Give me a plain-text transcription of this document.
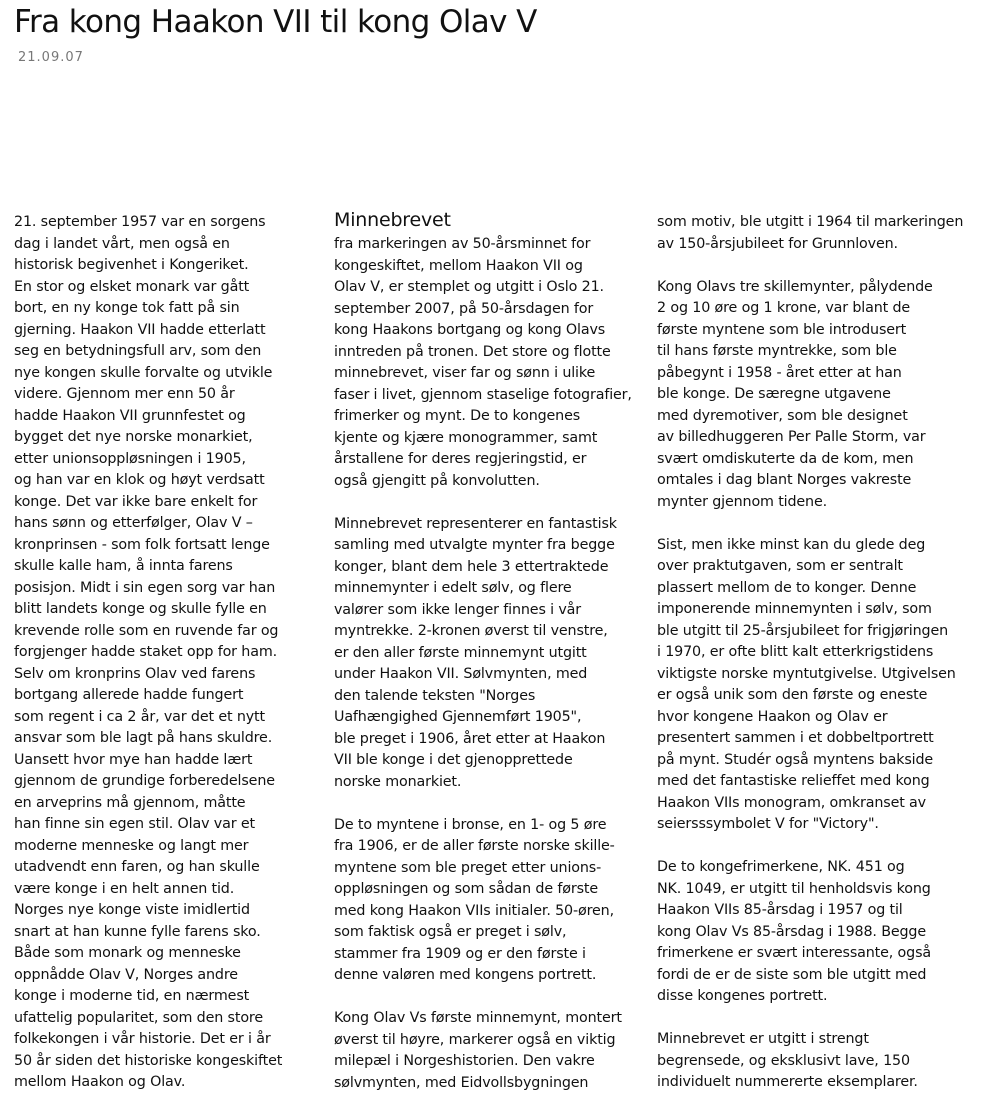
Fra kong Haakon VII til kong Olav V
21.09.07

21. september 1957 var en sorgens
dag i landet vårt, men også en
historisk begivenhet i Kongeriket.
En stor og elsket monark var gått
bort, en ny konge tok fatt på sin
gjerning. Haakon VII hadde etterlatt
seg en betydningsfull arv, som den
nye kongen skulle forvalte og utvikle
videre. Gjennom mer enn 50 år
hadde Haakon VII grunnfestet og
bygget det nye norske monarkiet,
etter unionsoppløsningen i 1905,
og han var en klok og høyt verdsatt
konge. Det var ikke bare enkelt for
hans sønn og etterfølger, Olav V –
kronprinsen - som folk fortsatt lenge
skulle kalle ham, å innta farens
posisjon. Midt i sin egen sorg var han
blitt landets konge og skulle fylle en
krevende rolle som en ruvende far og
forgjenger hadde staket opp for ham.
Selv om kronprins Olav ved farens
bortgang allerede hadde fungert
som regent i ca 2 år, var det et nytt
ansvar som ble lagt på hans skuldre.
Uansett hvor mye han hadde lært
gjennom de grundige forberedelsene
en arveprins må gjennom, måtte
han finne sin egen stil. Olav var et
moderne menneske og langt mer
utadvendt enn faren, og han skulle
være konge i en helt annen tid.
Norges nye konge viste imidlertid
snart at han kunne fylle farens sko.
Både som monark og menneske
oppnådde Olav V, Norges andre
konge i moderne tid, en nærmest
ufattelig popularitet, som den store
folkekongen i vår historie. Det er i år
50 år siden det historiske kongeskiftet
mellom Haakon og Olav.

Minnebrevet

fra markeringen av 50-årsminnet for
kongeskiftet, mellom Haakon VII og
Olav V, er stemplet og utgitt i Oslo 21.
september 2007, på 50-årsdagen for
kong Haakons bortgang og kong Olavs
inntreden på tronen. Det store og flotte
minnebrevet, viser far og sønn i ulike
faser i livet, gjennom staselige fotografier,
frimerker og mynt. De to kongenes
kjente og kjære monogrammer, samt
årstallene for deres regjeringstid, er
også gjengitt på konvolutten.

Minnebrevet representerer en fantastisk
samling med utvalgte mynter fra begge
konger, blant dem hele 3 ettertraktede
minnemynter i edelt sølv, og flere
valører som ikke lenger finnes i vår
myntrekke. 2-kronen øverst til venstre,
er den aller første minnemynt utgitt
under Haakon VII. Sølvmynten, med
den talende teksten "Norges
Uafhængighed Gjennemført 1905",
ble preget i 1906, året etter at Haakon
VII ble konge i det gjenopprettede
norske monarkiet.

De to myntene i bronse, en 1- og 5 øre
fra 1906, er de aller første norske skille-
myntene som ble preget etter unions-
oppløsningen og som sådan de første
med kong Haakon VIIs initialer. 50-øren,
som faktisk også er preget i sølv,
stammer fra 1909 og er den første i
denne valøren med kongens portrett.

Kong Olav Vs første minnemynt, montert
øverst til høyre, markerer også en viktig
milepæl i Norgeshistorien. Den vakre
sølvmynten, med Eidvollsbygningen

som motiv, ble utgitt i 1964 til markeringen
av 150-årsjubileet for Grunnloven.

Kong Olavs tre skillemynter, pålydende
2 og 10 øre og 1 krone, var blant de
første myntene som ble introdusert
til hans første myntrekke, som ble
påbegynt i 1958 - året etter at han
ble konge. De særegne utgavene
med dyremotiver, som ble designet
av billedhuggeren Per Palle Storm, var
svært omdiskuterte da de kom, men
omtales i dag blant Norges vakreste
mynter gjennom tidene.

Sist, men ikke minst kan du glede deg
over praktutgaven, som er sentralt
plassert mellom de to konger. Denne
imponerende minnemynten i sølv, som
ble utgitt til 25-årsjubileet for frigjøringen
i 1970, er ofte blitt kalt etterkrigstidens
viktigste norske myntutgivelse. Utgivelsen
er også unik som den første og eneste
hvor kongene Haakon og Olav er
presentert sammen i et dobbeltportrett
på mynt. Studér også myntens bakside
med det fantastiske relieffet med kong
Haakon VIIs monogram, omkranset av
seiersssymbolet V for "Victory".

De to kongefrimerkene, NK. 451 og
NK. 1049, er utgitt til henholdsvis kong
Haakon VIIs 85-årsdag i 1957 og til
kong Olav Vs 85-årsdag i 1988. Begge
frimerkene er svært interessante, også
fordi de er de siste som ble utgitt med
disse kongenes portrett.

Minnebrevet er utgitt i strengt
begrensede, og eksklusivt lave, 150
individuelt nummererte eksemplarer.
